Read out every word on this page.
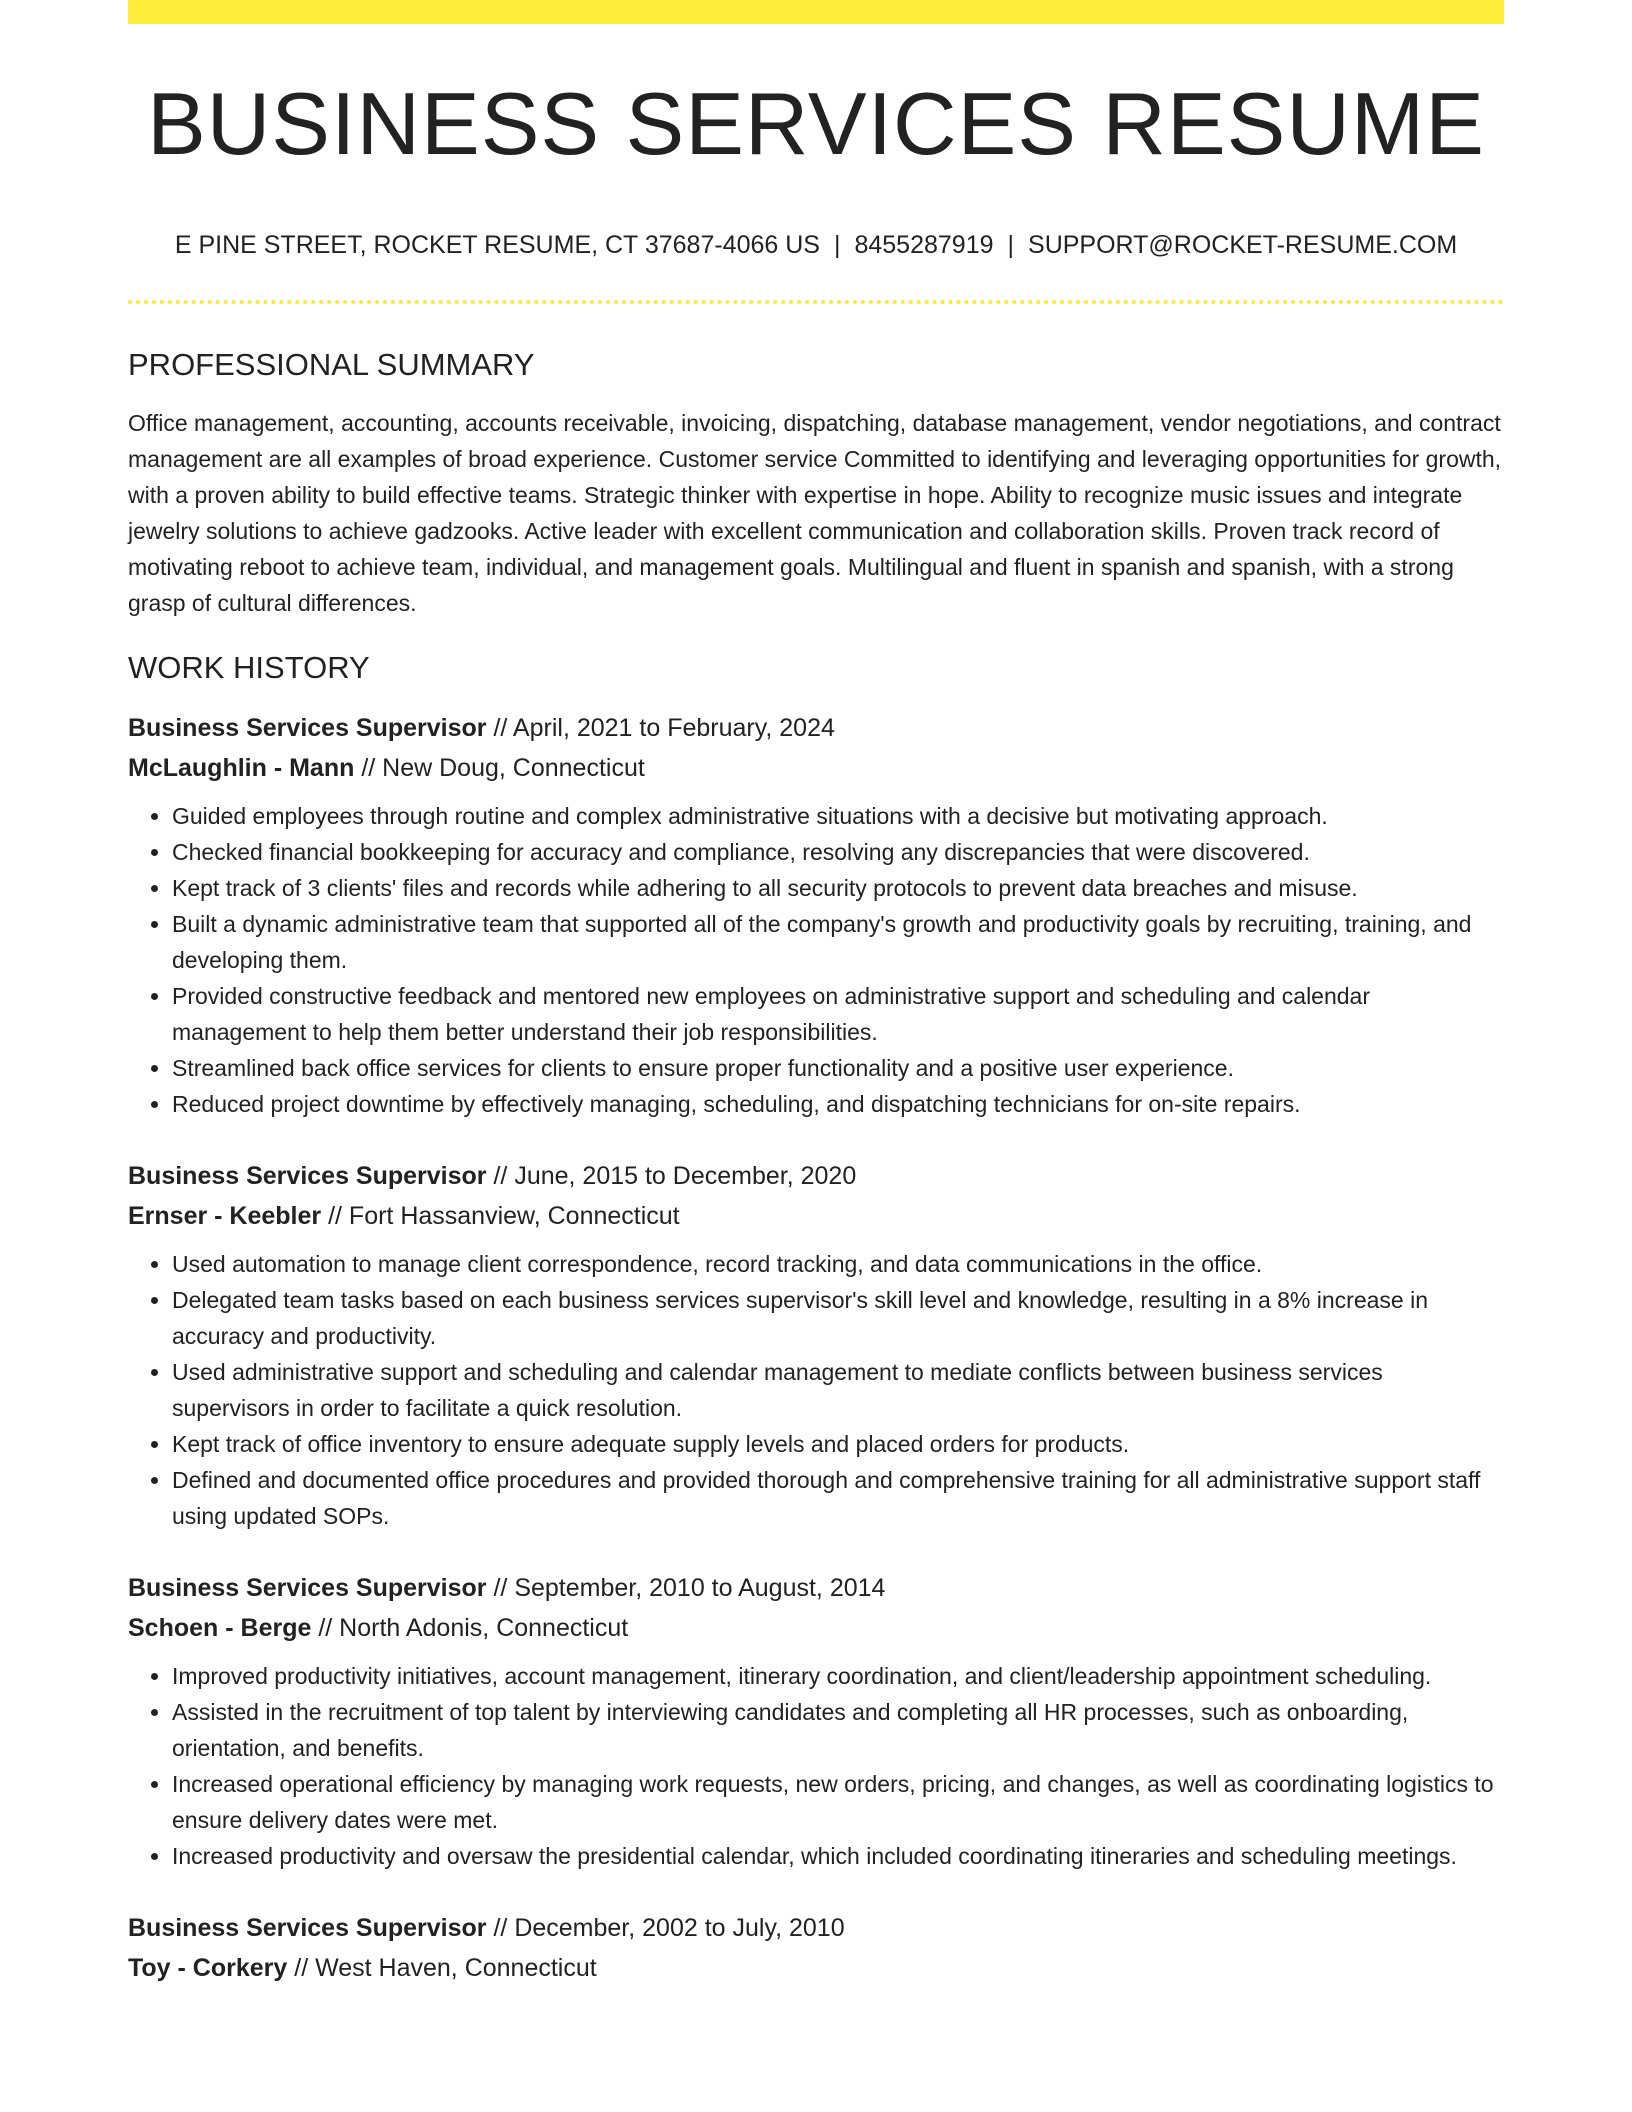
BUSINESS SERVICES RESUME
E PINE STREET, ROCKET RESUME, CT 37687-4066 US | 8455287919 | SUPPORT@ROCKET-RESUME.COM
PROFESSIONAL SUMMARY

Office management, accounting, accounts receivable, invoicing, dispatching, database management, vendor negotiations, and contract management are all examples of broad experience. Customer service Committed to identifying and leveraging opportunities for growth, with a proven ability to build effective teams. Strategic thinker with expertise in hope. Ability to recognize music issues and integrate jewelry solutions to achieve gadzooks. Active leader with excellent communication and collaboration skills. Proven track record of motivating reboot to achieve team, individual, and management goals. Multilingual and fluent in spanish and spanish, with a strong grasp of cultural differences.

WORK HISTORY
Business Services Supervisor // April, 2021 to February, 2024
McLaughlin - Mann // New Doug, Connecticut
• Guided employees through routine and complex administrative situations with a decisive but motivating approach.
• Checked financial bookkeeping for accuracy and compliance, resolving any discrepancies that were discovered.
• Kept track of 3 clients' files and records while adhering to all security protocols to prevent data breaches and misuse.
• Built a dynamic administrative team that supported all of the company's growth and productivity goals by recruiting, training, and developing them.
• Provided constructive feedback and mentored new employees on administrative support and scheduling and calendar management to help them better understand their job responsibilities.
• Streamlined back office services for clients to ensure proper functionality and a positive user experience.
• Reduced project downtime by effectively managing, scheduling, and dispatching technicians for on-site repairs.
Business Services Supervisor // June, 2015 to December, 2020
Ernser - Keebler // Fort Hassanview, Connecticut
• Used automation to manage client correspondence, record tracking, and data communications in the office.
• Delegated team tasks based on each business services supervisor's skill level and knowledge, resulting in a 8% increase in accuracy and productivity.
• Used administrative support and scheduling and calendar management to mediate conflicts between business services supervisors in order to facilitate a quick resolution.
• Kept track of office inventory to ensure adequate supply levels and placed orders for products.
• Defined and documented office procedures and provided thorough and comprehensive training for all administrative support staff using updated SOPs.
Business Services Supervisor // September, 2010 to August, 2014
Schoen - Berge // North Adonis, Connecticut
• Improved productivity initiatives, account management, itinerary coordination, and client/leadership appointment scheduling.
• Assisted in the recruitment of top talent by interviewing candidates and completing all HR processes, such as onboarding, orientation, and benefits.
• Increased operational efficiency by managing work requests, new orders, pricing, and changes, as well as coordinating logistics to ensure delivery dates were met.
• Increased productivity and oversaw the presidential calendar, which included coordinating itineraries and scheduling meetings.
Business Services Supervisor // December, 2002 to July, 2010
Toy - Corkery // West Haven, Connecticut
